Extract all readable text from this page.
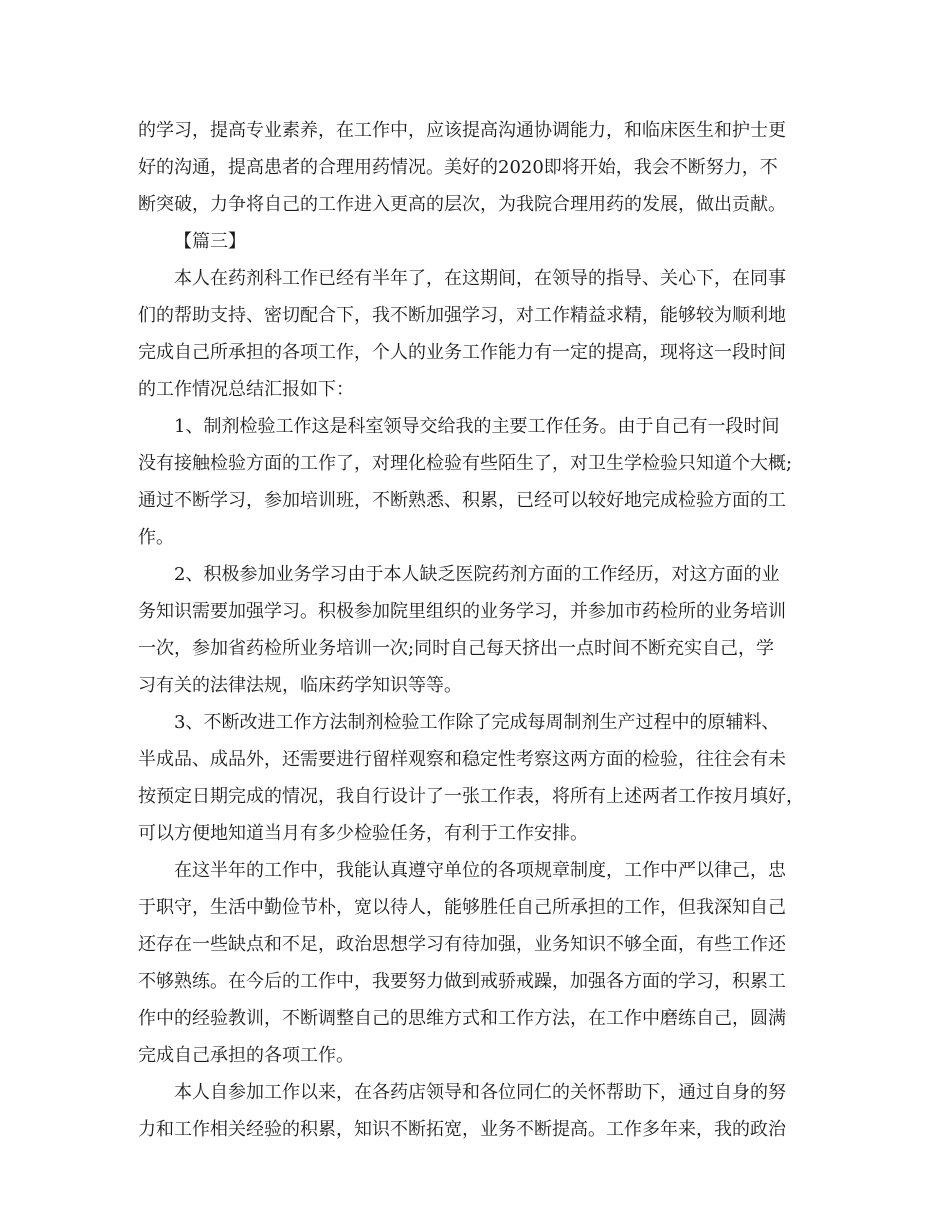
的学习，提高专业素养，在工作中，应该提高沟通协调能力，和临床医生和护士更
好的沟通，提高患者的合理用药情况。美好的2020即将开始，我会不断努力，不
断突破，力争将自己的工作进入更高的层次，为我院合理用药的发展，做出贡献。
【篇三】
本人在药剂科工作已经有半年了，在这期间，在领导的指导、关心下，在同事
们的帮助支持、密切配合下，我不断加强学习，对工作精益求精，能够较为顺利地
完成自己所承担的各项工作，个人的业务工作能力有一定的提高，现将这一段时间
的工作情况总结汇报如下：
1、制剂检验工作这是科室领导交给我的主要工作任务。由于自己有一段时间
没有接触检验方面的工作了，对理化检验有些陌生了，对卫生学检验只知道个大概;
通过不断学习，参加培训班，不断熟悉、积累，已经可以较好地完成检验方面的工
作。
2、积极参加业务学习由于本人缺乏医院药剂方面的工作经历，对这方面的业
务知识需要加强学习。积极参加院里组织的业务学习，并参加市药检所的业务培训
一次，参加省药检所业务培训一次;同时自己每天挤出一点时间不断充实自己，学
习有关的法律法规，临床药学知识等等。
3、不断改进工作方法制剂检验工作除了完成每周制剂生产过程中的原辅料、
半成品、成品外，还需要进行留样观察和稳定性考察这两方面的检验，往往会有未
按预定日期完成的情况，我自行设计了一张工作表，将所有上述两者工作按月填好，
可以方便地知道当月有多少检验任务，有利于工作安排。
在这半年的工作中，我能认真遵守单位的各项规章制度，工作中严以律己，忠
于职守，生活中勤俭节朴，宽以待人，能够胜任自己所承担的工作，但我深知自己
还存在一些缺点和不足，政治思想学习有待加强，业务知识不够全面，有些工作还
不够熟练。在今后的工作中，我要努力做到戒骄戒躁，加强各方面的学习，积累工
作中的经验教训，不断调整自己的思维方式和工作方法，在工作中磨练自己，圆满
完成自己承担的各项工作。
本人自参加工作以来，在各药店领导和各位同仁的关怀帮助下，通过自身的努
力和工作相关经验的积累，知识不断拓宽，业务不断提高。工作多年来，我的政治
